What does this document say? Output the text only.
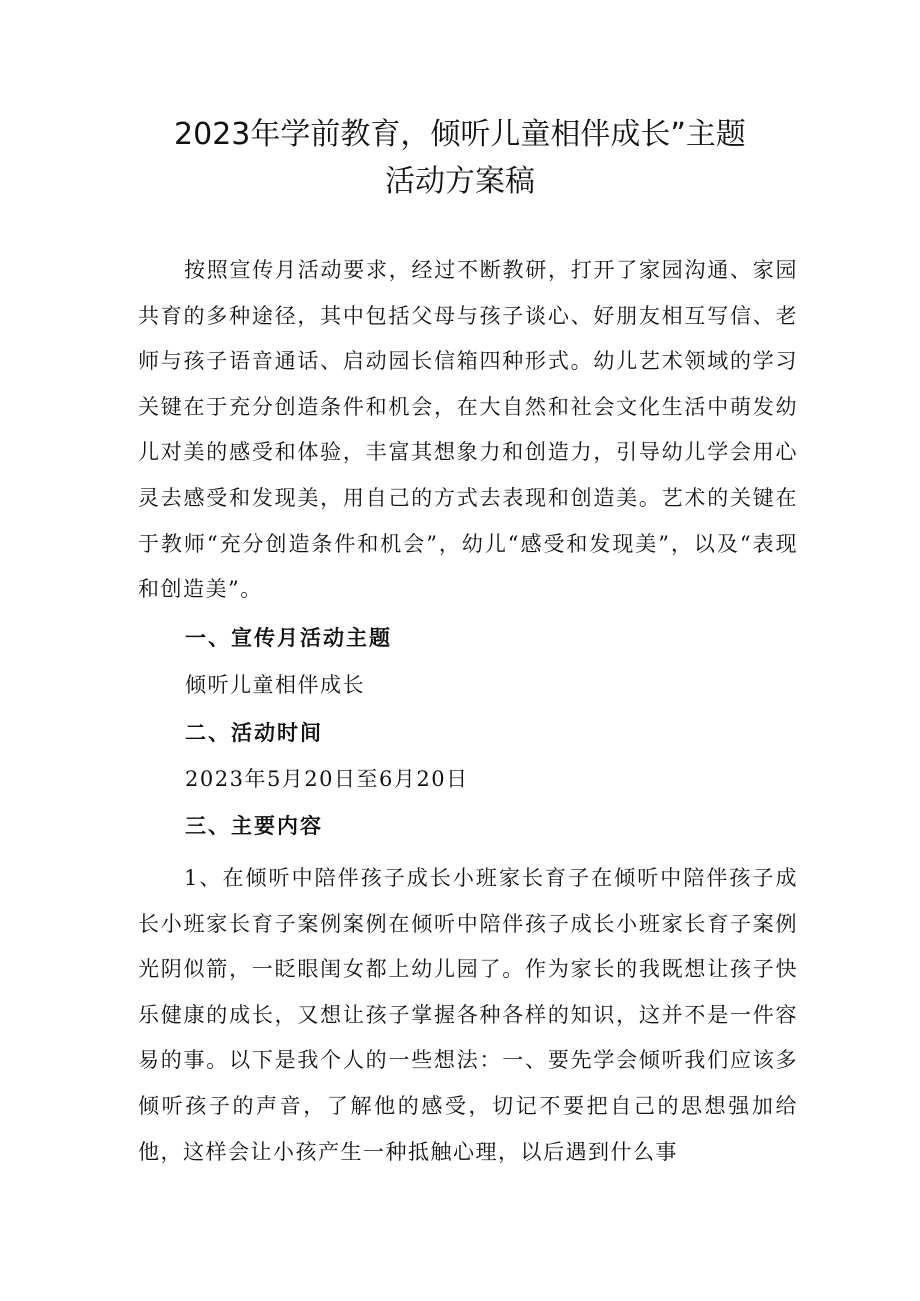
2023年学前教育，倾听儿童相伴成长”主题
活动方案稿

按照宣传月活动要求，经过不断教研，打开了家园沟通、家园共育的多种途径，其中包括父母与孩子谈心、好朋友相互写信、老师与孩子语音通话、启动园长信箱四种形式。幼儿艺术领域的学习关键在于充分创造条件和机会，在大自然和社会文化生活中萌发幼儿对美的感受和体验，丰富其想象力和创造力，引导幼儿学会用心灵去感受和发现美，用自己的方式去表现和创造美。艺术的关键在于教师“充分创造条件和机会”，幼儿“感受和发现美”，以及“表现和创造美”。

一、宣传月活动主题

倾听儿童相伴成长

二、活动时间

2023年5月20日至6月20日

三、主要内容

1、在倾听中陪伴孩子成长小班家长育子在倾听中陪伴孩子成长小班家长育子案例案例在倾听中陪伴孩子成长小班家长育子案例光阴似箭，一眨眼闺女都上幼儿园了。作为家长的我既想让孩子快乐健康的成长，又想让孩子掌握各种各样的知识，这并不是一件容易的事。以下是我个人的一些想法：一、要先学会倾听我们应该多倾听孩子的声音，了解他的感受，切记不要把自己的思想强加给他，这样会让小孩产生一种抵触心理，以后遇到什么事
